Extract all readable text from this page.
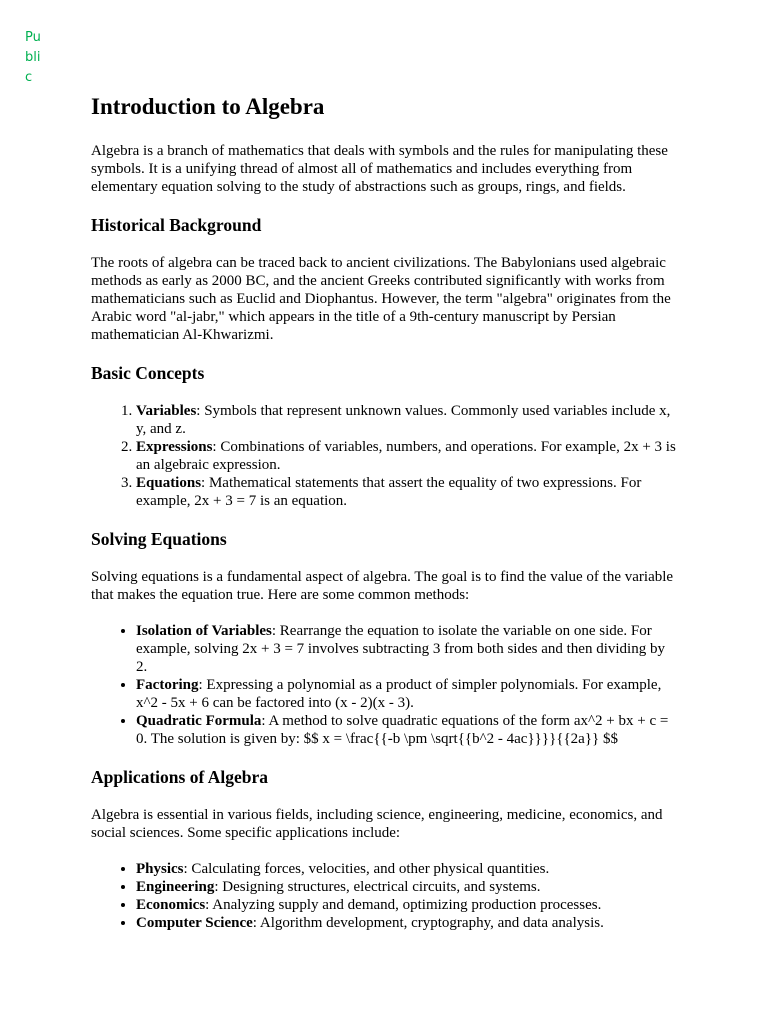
Public
Introduction to Algebra

Algebra is a branch of mathematics that deals with symbols and the rules for manipulating these symbols. It is a unifying thread of almost all of mathematics and includes everything from elementary equation solving to the study of abstractions such as groups, rings, and fields.

Historical Background

The roots of algebra can be traced back to ancient civilizations. The Babylonians used algebraic methods as early as 2000 BC, and the ancient Greeks contributed significantly with works from mathematicians such as Euclid and Diophantus. However, the term "algebra" originates from the Arabic word "al-jabr," which appears in the title of a 9th-century manuscript by Persian mathematician Al-Khwarizmi.

Basic Concepts
1. Variables: Symbols that represent unknown values. Commonly used variables include x, y, and z.
2. Expressions: Combinations of variables, numbers, and operations. For example, 2x + 3 is an algebraic expression.
3. Equations: Mathematical statements that assert the equality of two expressions. For example, 2x + 3 = 7 is an equation.
Solving Equations

Solving equations is a fundamental aspect of algebra. The goal is to find the value of the variable that makes the equation true. Here are some common methods:

• Isolation of Variables: Rearrange the equation to isolate the variable on one side. For example, solving 2x + 3 = 7 involves subtracting 3 from both sides and then dividing by 2.
• Factoring: Expressing a polynomial as a product of simpler polynomials. For example, x^2 - 5x + 6 can be factored into (x - 2)(x - 3).
• Quadratic Formula: A method to solve quadratic equations of the form ax^2 + bx + c = 0. The solution is given by: $$ x = \frac{{-b \pm \sqrt{{b^2 - 4ac}}}}{{2a}} $$
Applications of Algebra

Algebra is essential in various fields, including science, engineering, medicine, economics, and social sciences. Some specific applications include:

• Physics: Calculating forces, velocities, and other physical quantities.
• Engineering: Designing structures, electrical circuits, and systems.
• Economics: Analyzing supply and demand, optimizing production processes.
• Computer Science: Algorithm development, cryptography, and data analysis.
